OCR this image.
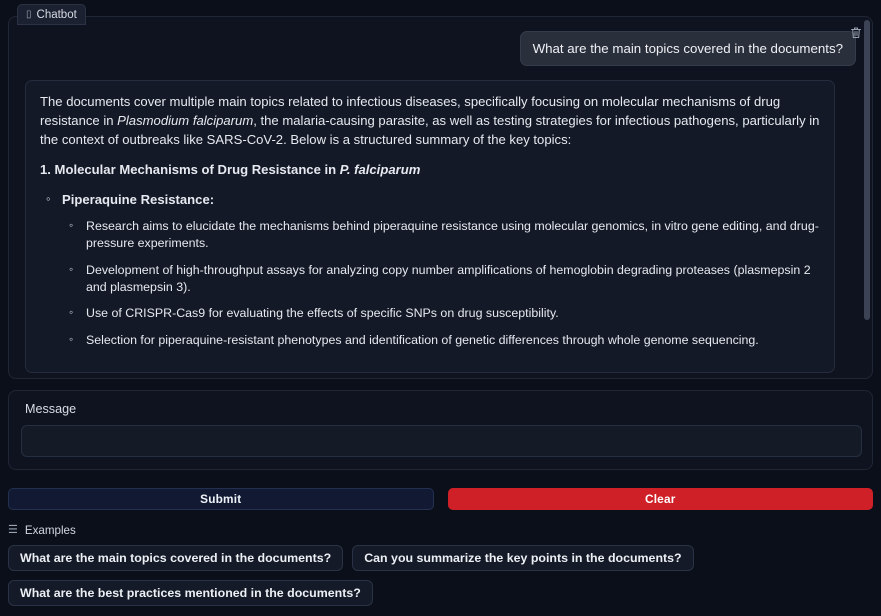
▯ Chatbot
What are the main topics covered in the documents?

The documents cover multiple main topics related to infectious diseases, specifically focusing on molecular mechanisms of drug resistance in Plasmodium falciparum, the malaria-causing parasite, as well as testing strategies for infectious pathogens, particularly in the context of outbreaks like SARS-CoV-2. Below is a structured summary of the key topics:

1. Molecular Mechanisms of Drug Resistance in P. falciparum

◦ Piperaquine Resistance:
◦ Research aims to elucidate the mechanisms behind piperaquine resistance using molecular genomics, in vitro gene editing, and drug-pressure experiments.
◦ Development of high-throughput assays for analyzing copy number amplifications of hemoglobin degrading proteases (plasmepsin 2 and plasmepsin 3).
◦ Use of CRISPR-Cas9 for evaluating the effects of specific SNPs on drug susceptibility.
◦ Selection for piperaquine-resistant phenotypes and identification of genetic differences through whole genome sequencing.
Message
Submit	Clear
☰ Examples
What are the main topics covered in the documents?	Can you summarize the key points in the documents?
What are the best practices mentioned in the documents?
